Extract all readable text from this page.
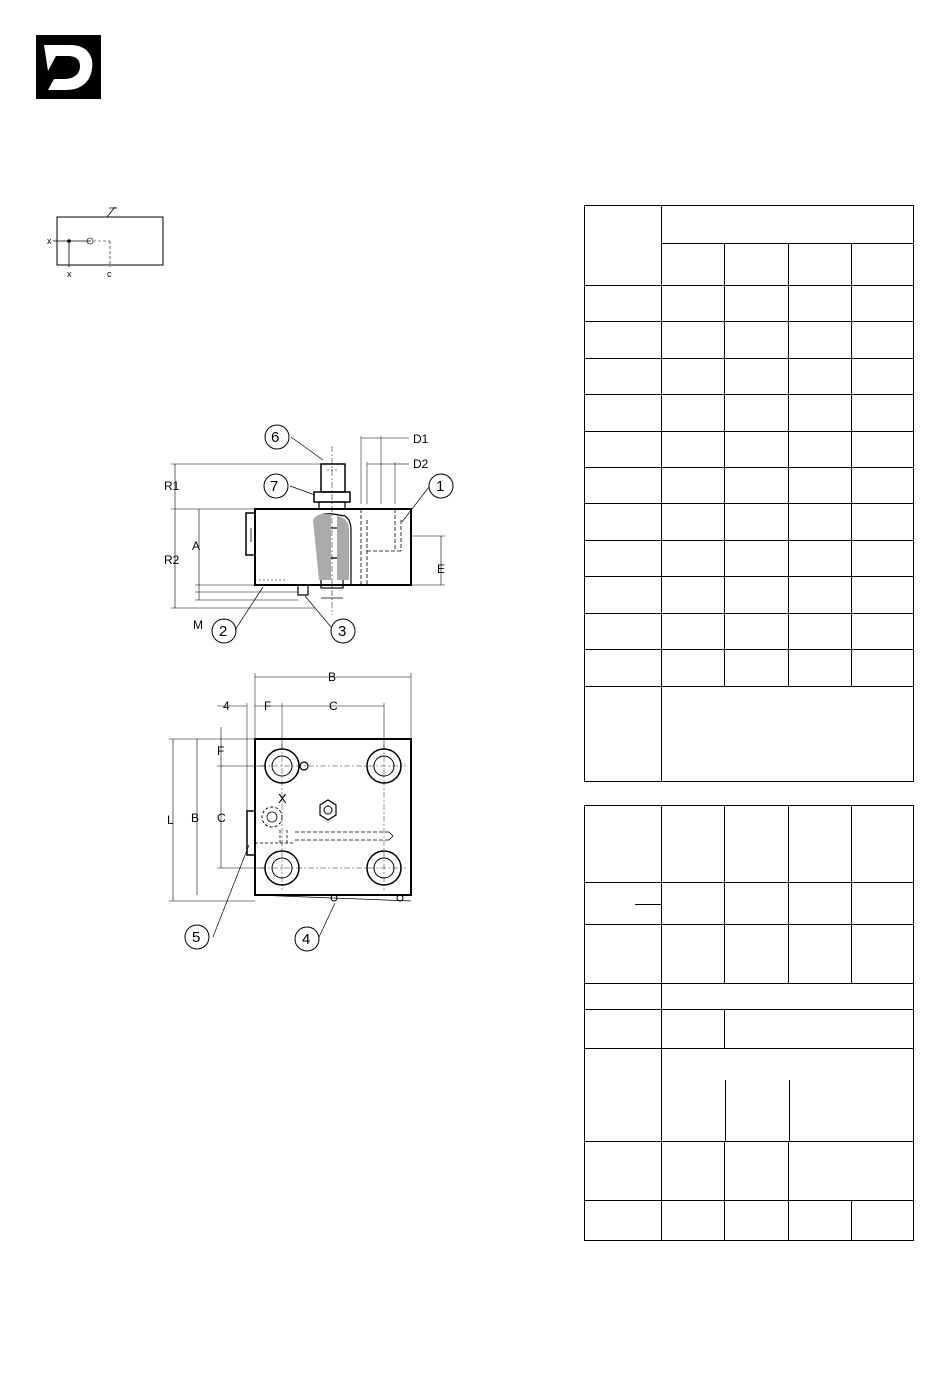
x
x	c
6
7	1
2	3
R1
R2
A
M
E
D1
D2
5	4
B
4	F	C
F
L B C
X
